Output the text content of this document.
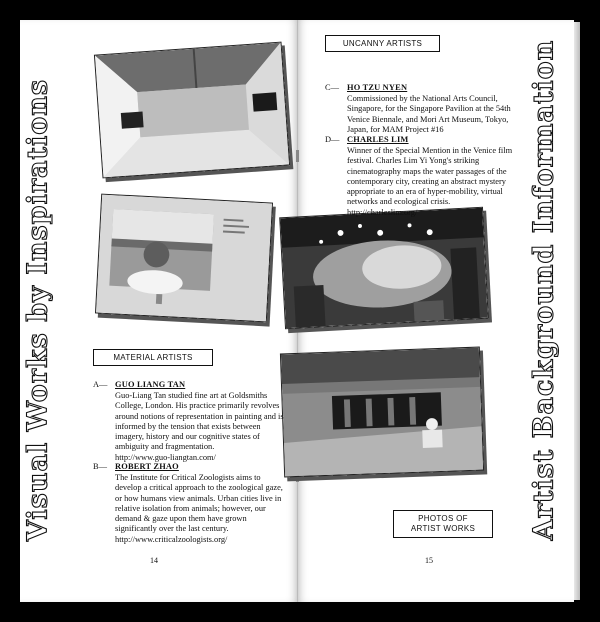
Visual Works by Inspirations	Artist Background Information
MATERIAL ARTISTS
UNCANNY ARTISTS
PHOTOS OF
ARTIST WORKS
A— GUO LIANG TAN
Guo-Liang Tan studied fine art at Goldsmiths College, London. His practice primarily revolves around notions of representation in painting and is informed by the tension that exists between imagery, history and our cognitive states of ambiguity and fragmentation.
http://www.guo-liangtan.com/
B— ROBERT ZHAO
The Institute for Critical Zoologists aims to develop a critical approach to the zoological gaze, or how humans view animals. Urban cities live in relative isolation from animals; however, our demand & gaze upon them have grown significantly over the last century.
http://www.criticalzoologists.org/
C— HO TZU NYEN
Commissioned by the National Arts Council, Singapore, for the Singapore Pavilion at the 54th Venice Biennale, and Mori Art Museum, Tokyo, Japan, for MAM Project #16
D— CHARLES LIM
Winner of the Special Mention in the Venice film festival. Charles Lim Yi Yong's striking cinematography maps the water passages of the contemporary city, creating an abstract mystery appropriate to an era of hyper-mobility, virtual networks and ecological crisis.
http://charleslim.org/
14	15
